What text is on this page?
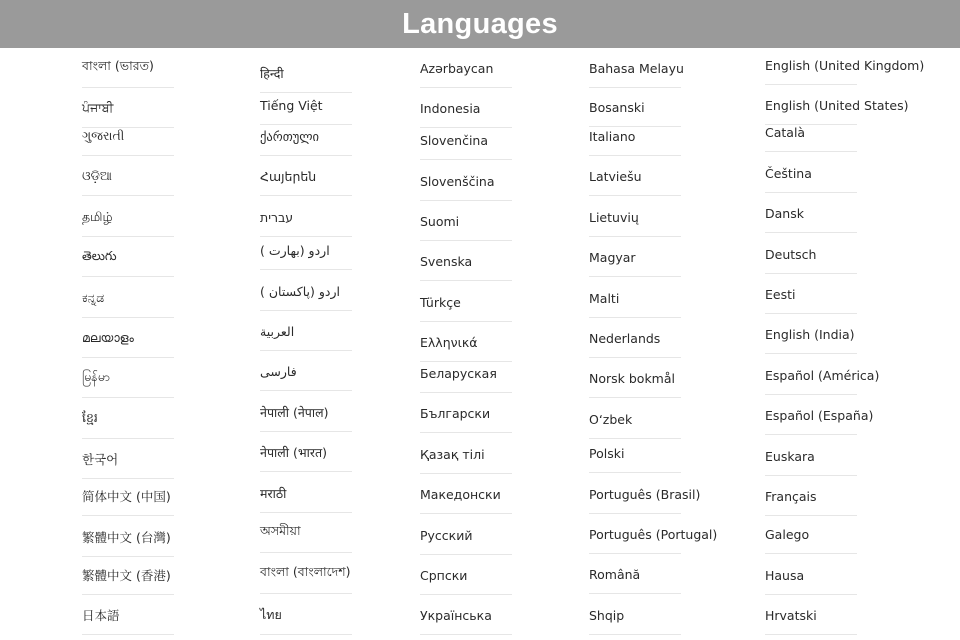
Languages
বাংলা (ভারত)
ਪੰਜਾਬੀ
ગુજરાતી
ଓଡ଼ିଆ
தமிழ்
తెలుగు
ಕನ್ನಡ
മലയാളം
မြန်မာ
ខ្មែរ
한국어
简体中文 (中国)
繁體中文 (台灣)
繁體中文 (香港)
日本語
हिन्दी
Tiếng Việt
ქართული
Հայերեն
עברית
اردو (بھارت )
اردو (پاکستان )
العربية
فارسی
नेपाली (नेपाल)
नेपाली (भारत)
मराठी
অসমীয়া
বাংলা (বাংলাদেশ)
ไทย
Azərbaycan
Indonesia
Slovenčina
Slovenščina
Suomi
Svenska
Türkçe
Ελληνικά
Беларуская
Български
Қазақ тілі
Македонски
Русский
Српски
Українська
Bahasa Melayu
Bosanski
Italiano
Latviešu
Lietuvių
Magyar
Malti
Nederlands
Norsk bokmål
O‘zbek
Polski
Português (Brasil)
Português (Portugal)
Română
Shqip
English (United Kingdom)
English (United States)
Català
Čeština
Dansk
Deutsch
Eesti
English (India)
Español (América)
Español (España)
Euskara
Français
Galego
Hausa
Hrvatski
